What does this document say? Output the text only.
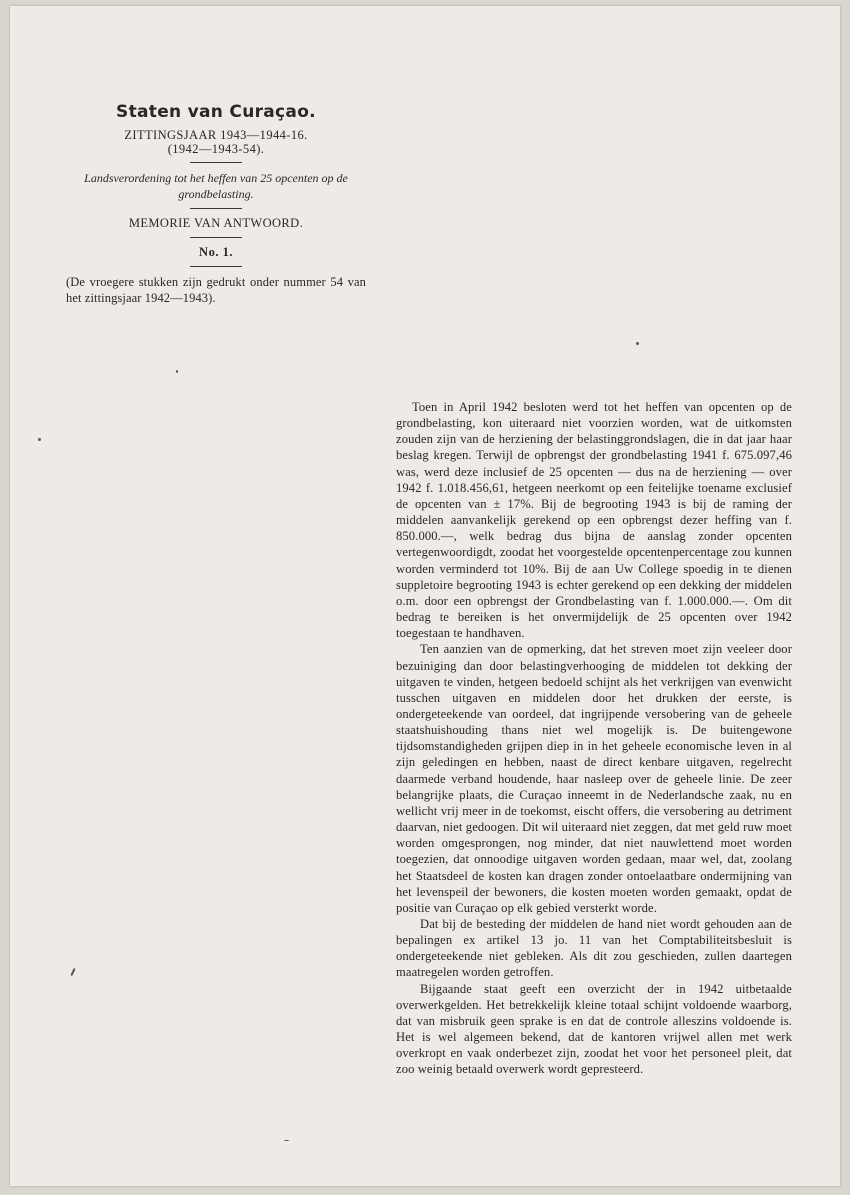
Staten van Curaçao.
ZITTINGSJAAR 1943—1944-16.
(1942—1943-54).
Landsverordening tot het heffen van 25 opcenten op de grondbelasting.
MEMORIE VAN ANTWOORD.
No. 1.
(De vroegere stukken zijn gedrukt onder nummer 54 van het zittingsjaar 1942—1943).

Toen in April 1942 besloten werd tot het heffen van opcenten op de grondbelasting, kon uiteraard niet voorzien worden, wat de uitkomsten zouden zijn van de herziening der belastinggrondslagen, die in dat jaar haar beslag kregen. Terwijl de opbrengst der grondbelasting 1941 f. 675.097,46 was, werd deze inclusief de 25 opcenten — dus na de herziening — over 1942 f. 1.018.456,61, hetgeen neerkomt op een feitelijke toename exclusief de opcenten van ± 17%. Bij de begrooting 1943 is bij de raming der middelen aanvankelijk gerekend op een opbrengst dezer heffing van f. 850.000.—, welk bedrag dus bijna de aanslag zonder opcenten vertegenwoordigdt, zoodat het voorgestelde opcentenpercentage zou kunnen worden verminderd tot 10%. Bij de aan Uw College spoedig in te dienen suppletoire begrooting 1943 is echter gerekend op een dekking der middelen o.m. door een opbrengst der Grondbelasting van f. 1.000.000.—. Om dit bedrag te bereiken is het onvermijdelijk de 25 opcenten over 1942 toegestaan te handhaven.

Ten aanzien van de opmerking, dat het streven moet zijn veeleer door bezuiniging dan door belastingverhooging de middelen tot dekking der uitgaven te vinden, hetgeen bedoeld schijnt als het verkrijgen van evenwicht tusschen uitgaven en middelen door het drukken der eerste, is ondergeteekende van oordeel, dat ingrijpende versobering van de geheele staatshuishouding thans niet wel mogelijk is. De buitengewone tijdsomstandigheden grijpen diep in in het geheele economische leven in al zijn geledingen en hebben, naast de direct kenbare uitgaven, regelrecht daarmede verband houdende, haar nasleep over de geheele linie. De zeer belangrijke plaats, die Curaçao inneemt in de Nederlandsche zaak, nu en wellicht vrij meer in de toekomst, eischt offers, die versobering au detriment daarvan, niet gedoogen. Dit wil uiteraard niet zeggen, dat met geld ruw moet worden omgesprongen, nog minder, dat niet nauwlettend moet worden toegezien, dat onnoodige uitgaven worden gedaan, maar wel, dat, zoolang het Staatsdeel de kosten kan dragen zonder ontoelaatbare ondermijning van het levenspeil der bewoners, die kosten moeten worden gemaakt, opdat de positie van Curaçao op elk gebied versterkt worde.

Dat bij de besteding der middelen de hand niet wordt gehouden aan de bepalingen ex artikel 13 jo. 11 van het Comptabiliteitsbesluit is ondergeteekende niet gebleken. Als dit zou geschieden, zullen daartegen maatregelen worden getroffen.

Bijgaande staat geeft een overzicht der in 1942 uitbetaalde overwerkgelden. Het betrekkelijk kleine totaal schijnt voldoende waarborg, dat van misbruik geen sprake is en dat de controle alleszins voldoende is. Het is wel algemeen bekend, dat de kantoren vrijwel allen met werk overkropt en vaak onderbezet zijn, zoodat het voor het personeel pleit, dat zoo weinig betaald overwerk wordt gepresteerd.
